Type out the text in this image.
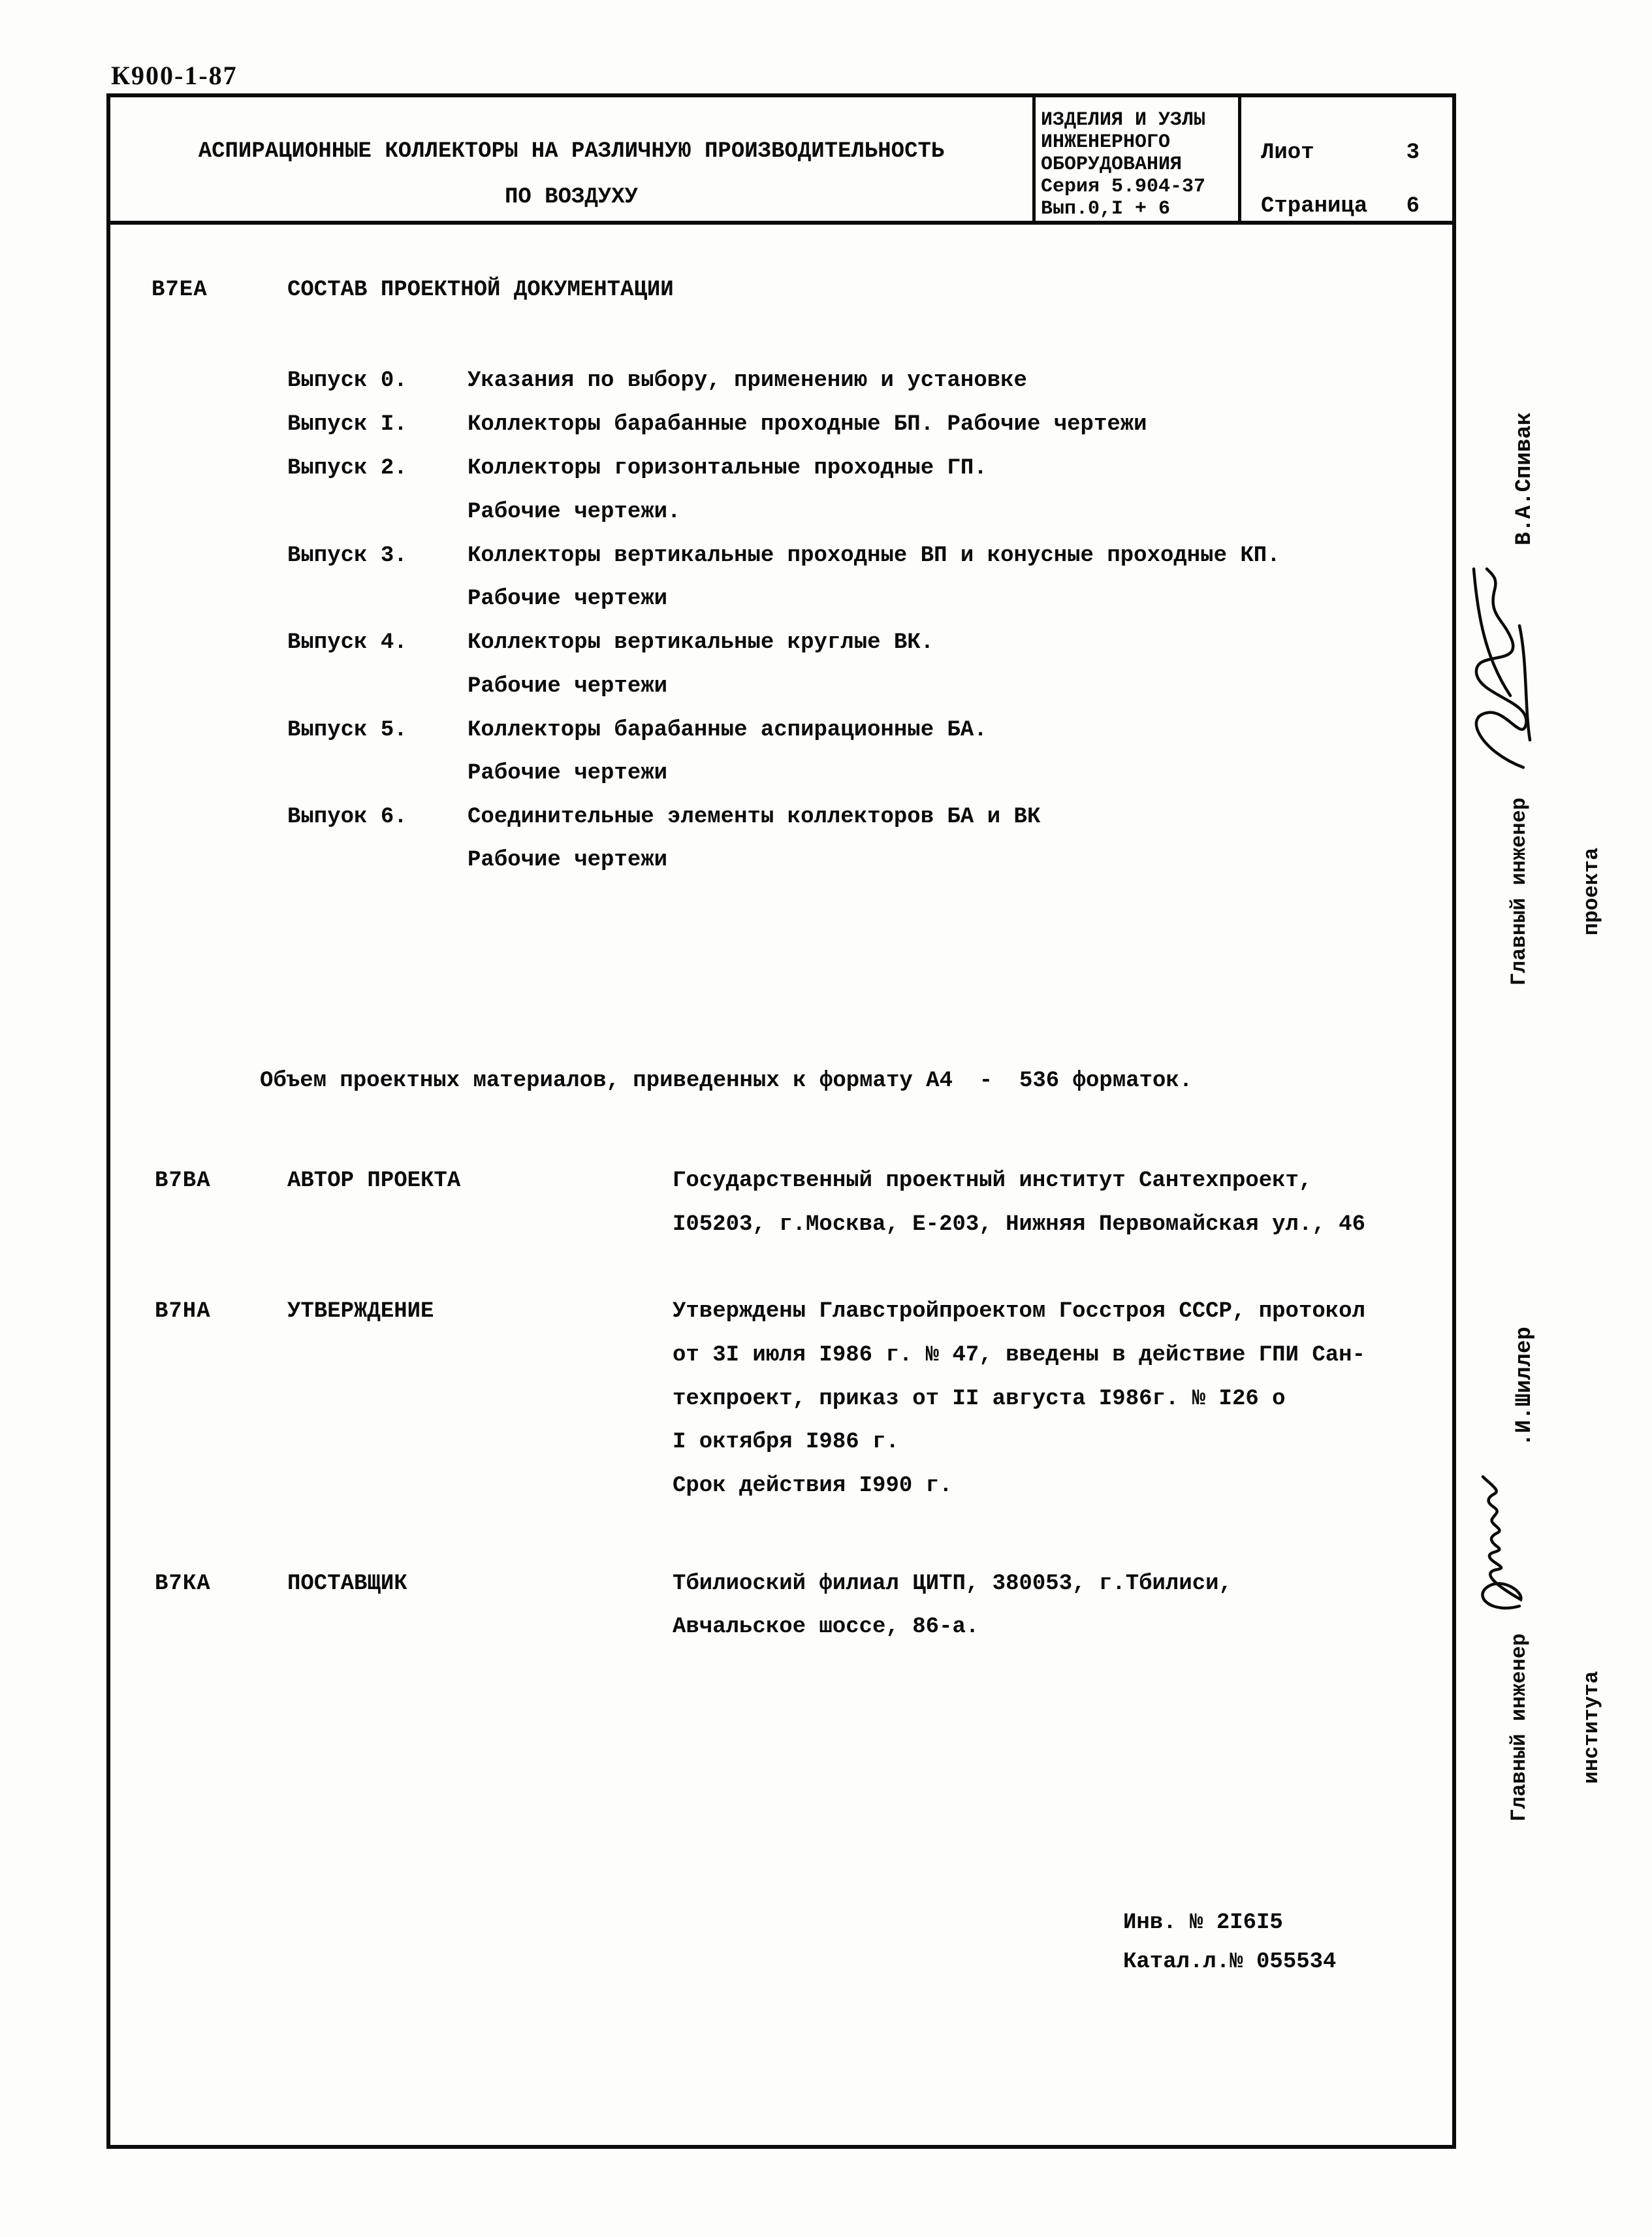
К900-1-87
АСПИРАЦИОННЫЕ КОЛЛЕКТОРЫ НА РАЗЛИЧНУЮ ПРОИЗВОДИТЕЛЬНОСТЬ
ПО ВОЗДУХУ
ИЗДЕЛИЯ И УЗЛЫ
ИНЖЕНЕРНОГО
ОБОРУДОВАНИЯ
Серия 5.904-37
Вып.0,I + 6
Лиот	3
Страница 6
В7ЕА	СОСТАВ ПРОЕКТНОЙ ДОКУМЕНТАЦИИ
Выпуск 0.	Указания по выбору, применению и установке
Выпуск I.	Коллекторы барабанные проходные БП. Рабочие чертежи
Выпуск 2.	Коллекторы горизонтальные проходные ГП.
Рабочие чертежи.
Выпуск 3.	Коллекторы вертикальные проходные ВП и конусные проходные КП.
Рабочие чертежи
Выпуск 4.	Коллекторы вертикальные круглые ВК.
Рабочие чертежи
Выпуск 5.	Коллекторы барабанные аспирационные БА.
Рабочие чертежи
Выпуок 6.	Соединительные элементы коллекторов БА и ВК
Рабочие чертежи
Объем проектных материалов, приведенных к формату А4  -  536 форматок.
В7ВА	АВТОР ПРОЕКТА	Государственный проектный институт Сантехпроект,
I05203, г.Москва, Е-203, Нижняя Первомайская ул., 46
В7НА	УТВЕРЖДЕНИЕ	Утверждены Главстройпроектом Госстроя СССР, протокол
от 3I июля I986 г. № 47, введены в действие ГПИ Сан-
техпроект, приказ от II августа I986г. № I26 о
I октября I986 г.
Срок действия I990 г.
В7КА	ПОСТАВЩИК	Тбилиоский филиал ЦИТП, 380053, г.Тбилиси,
Авчальское шоссе, 86-а.
Инв. № 2I6I5
Катал.л.№ 055534

Главный инженер

проекта

В.А.Спивак

Главный инженер

института

.И.Шиллер
